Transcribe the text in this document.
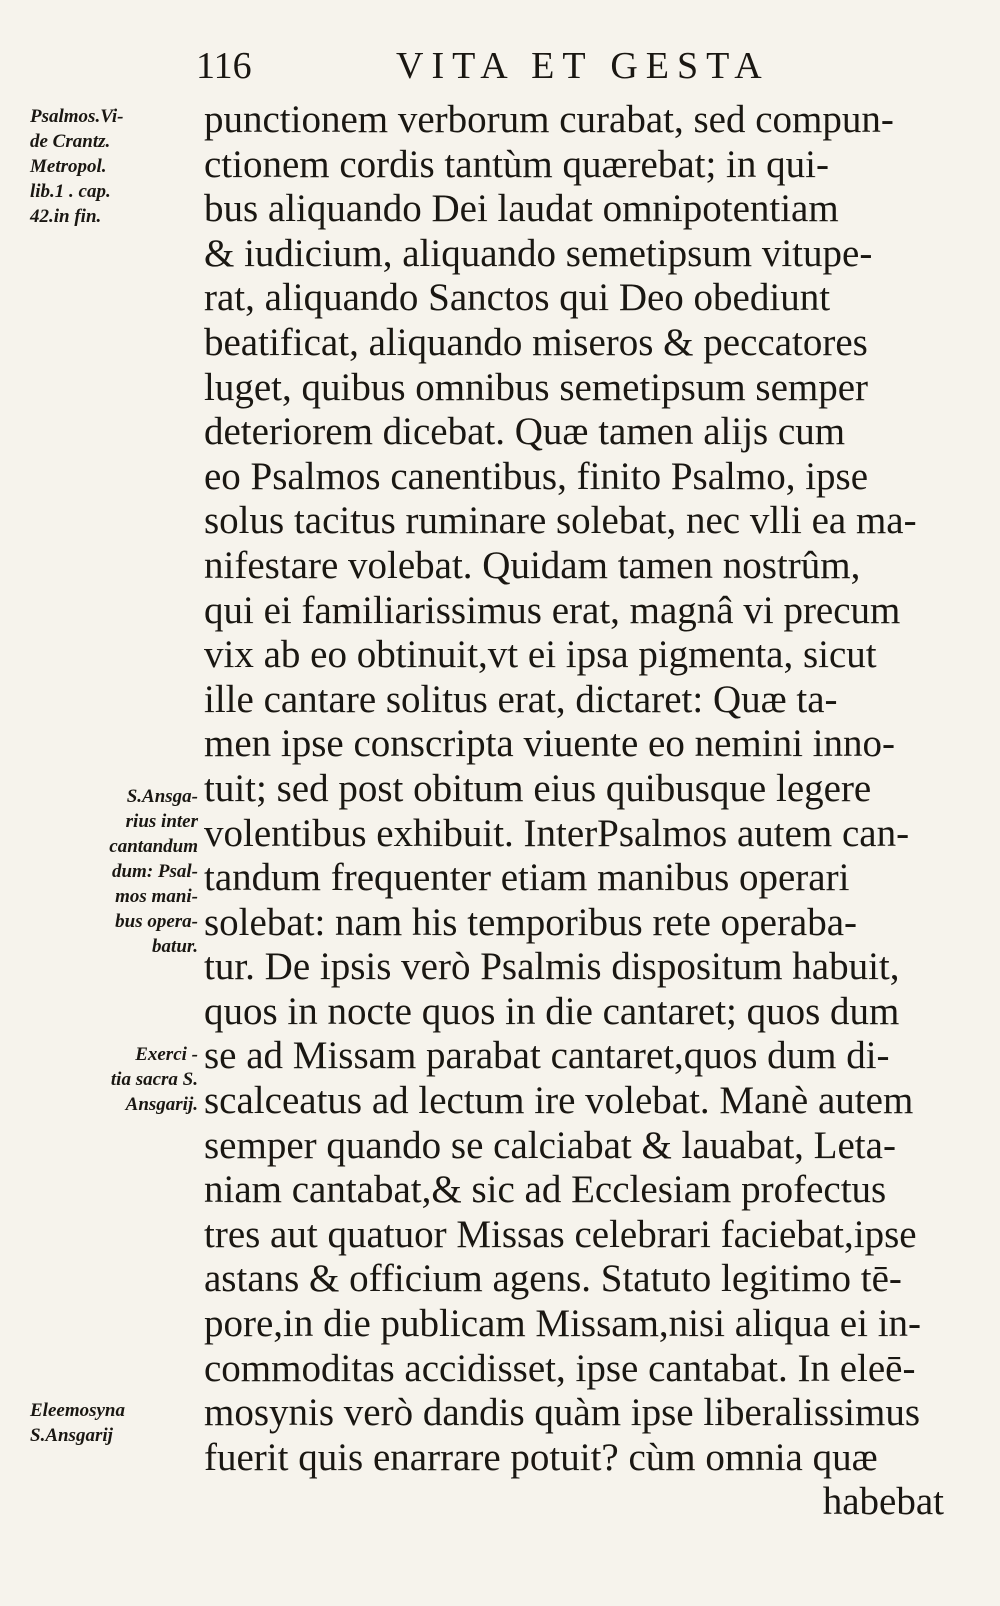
116	VITA ET GESTA
Psalmos.Vi-
de Crantz.
Metropol.
lib.1 . cap.
42.in fin.
S.Ansga-
rius inter
cantandum
dum: Psal-
mos mani-
bus opera-
batur.
Exerci -
tia sacra S.
Ansgarij.
Eleemosyna
S.Ansgarij
punctionem verborum curabat, sed compun-
ctionem cordis tantùm quærebat; in qui-
bus aliquando Dei laudat omnipotentiam
& iudicium, aliquando semetipsum vitupe-
rat, aliquando Sanctos qui Deo obediunt
beatificat, aliquando miseros & peccatores
luget, quibus omnibus semetipsum semper
deteriorem dicebat. Quæ tamen alijs cum
eo Psalmos canentibus, finito Psalmo, ipse
solus tacitus ruminare solebat, nec vlli ea ma-
nifestare volebat. Quidam tamen nostrûm,
qui ei familiarissimus erat, magnâ vi precum
vix ab eo obtinuit,vt ei ipsa pigmenta, sicut
ille cantare solitus erat, dictaret: Quæ ta-
men ipse conscripta viuente eo nemini inno-
tuit; sed post obitum eius quibusque legere
volentibus exhibuit. InterPsalmos autem can-
tandum frequenter etiam manibus operari
solebat: nam his temporibus rete operaba-
tur. De ipsis verò Psalmis dispositum habuit,
quos in nocte quos in die cantaret; quos dum
se ad Missam parabat cantaret,quos dum di-
scalceatus ad lectum ire volebat. Manè autem
semper quando se calciabat & lauabat, Leta-
niam cantabat,& sic ad Ecclesiam profectus
tres aut quatuor Missas celebrari faciebat,ipse
astans & officium agens. Statuto legitimo tē-
pore,in die publicam Missam,nisi aliqua ei in-
commoditas accidisset, ipse cantabat. In eleē-
mosynis verò dandis quàm ipse liberalissimus
fuerit quis enarrare potuit? cùm omnia quæ
habebat
